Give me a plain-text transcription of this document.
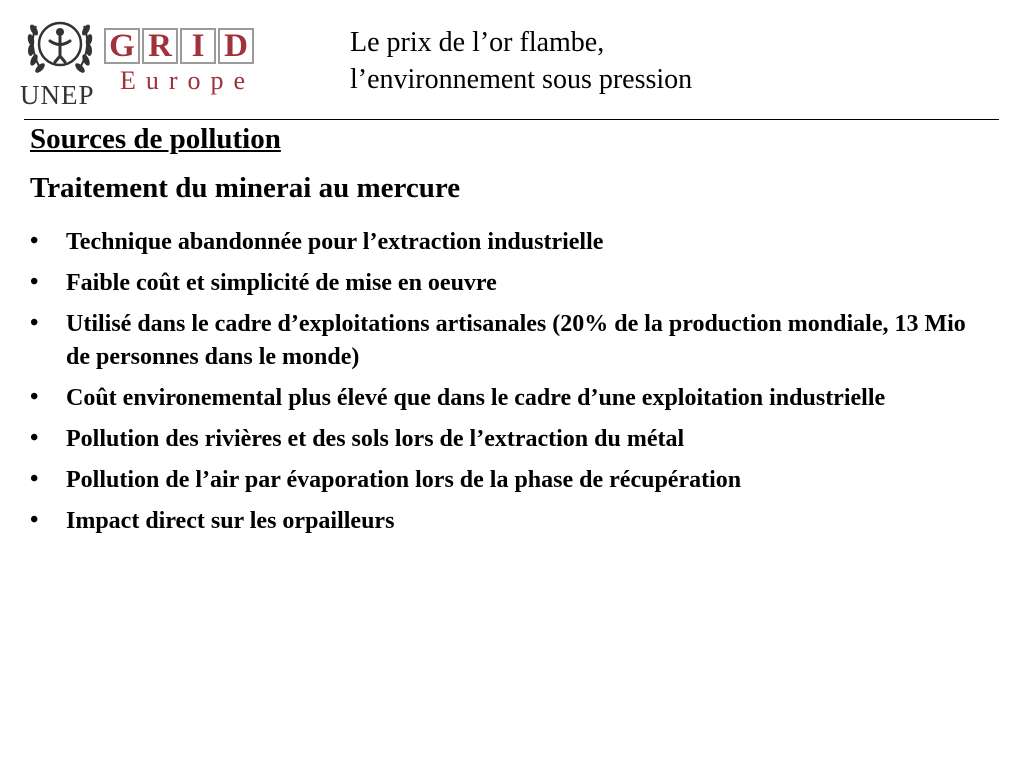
UNEP
G R I D
Europe
Le prix de l’or flambe,
l’environnement sous pression
Sources de pollution
Traitement du minerai au mercure
• Technique abandonnée pour l’extraction industrielle
• Faible coût et simplicité de mise en oeuvre
• Utilisé dans le cadre d’exploitations artisanales (20% de la production mondiale, 13 Mio de personnes dans le monde)
• Coût environemental plus élevé que dans le cadre d’une exploitation industrielle
• Pollution des rivières et des sols lors de l’extraction du métal
• Pollution de l’air par évaporation lors de la phase de récupération
• Impact direct sur les orpailleurs
